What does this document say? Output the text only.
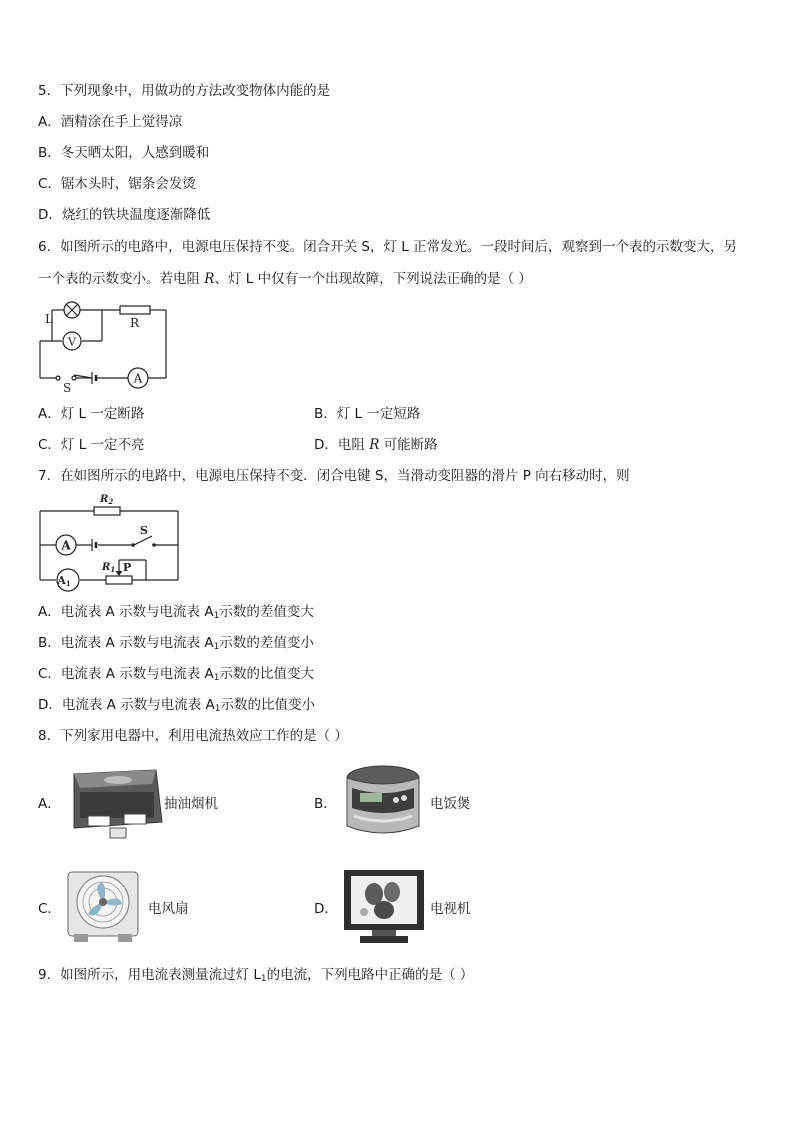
5．下列现象中，用做功的方法改变物体内能的是
A．酒精涂在手上觉得凉
B．冬天晒太阳，人感到暖和
C．锯木头时，锯条会发烫
D．烧红的铁块温度逐渐降低
6．如图所示的电路中，电源电压保持不变。闭合开关 S，灯 L 正常发光。一段时间后，观察到一个表的示数变大，另
一个表的示数变小。若电阻 R、灯 L 中仅有一个出现故障，下列说法正确的是（ ）
V
A
L	R
S
A．灯 L 一定断路	B．灯 L 一定短路
C．灯 L 一定不亮	D．电阻 R 可能断路
7．在如图所示的电路中，电源电压保持不变．闭合电键 S，当滑动变阻器的滑片 P 向右移动时，则
A
A1
$R_2$
$R_1$ P
S
A．电流表 A 示数与电流表 $A_1$示数的差值变大
B．电流表 A 示数与电流表 $A_1$示数的差值变小
C．电流表 A 示数与电流表 $A_1$示数的比值变大
D．电流表 A 示数与电流表 $A_1$示数的比值变小
8．下列家用电器中，利用电流热效应工作的是（ ）
A．	抽油烟机	B．	电饭煲
C．	电风扇	D．	电视机
9．如图所示，用电流表测量流过灯 $L_1$的电流，下列电路中正确的是（ ）
